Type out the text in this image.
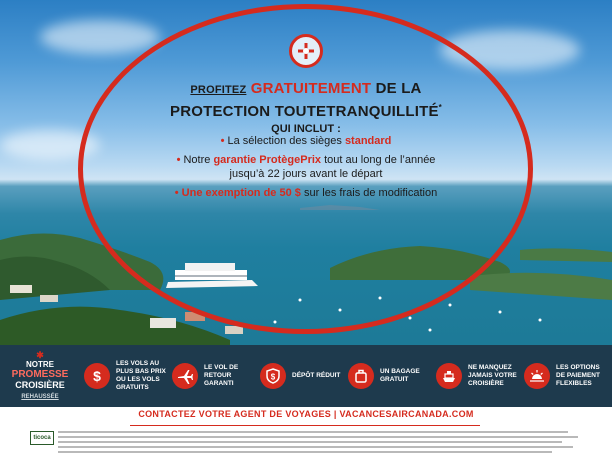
PROFITEZ GRATUITEMENT DE LA
PROTECTION TOUTETRANQUILLITÉ*
QUI INCLUT :
• La sélection des sièges standard
• Notre garantie ProtègePrix tout au long de l’année jusqu’à 22 jours avant le départ
• Une exemption de 50 $ sur les frais de modification
✱
NOTRE
PROMESSE
CROISIÈRE
REHAUSSÉE
$
LES VOLS AU PLUS BAS PRIX OU LES VOLS GRATUITS
LE VOL DE RETOUR GARANTI
$	DÉPÔT RÉDUIT
UN BAGAGE GRATUIT
NE MANQUEZ JAMAIS VOTRE CROISIÈRE
LES OPTIONS DE PAIEMENT FLEXIBLES
CONTACTEZ VOTRE AGENT DE VOYAGES | VACANCESAIRCANADA.COM
ticoca
